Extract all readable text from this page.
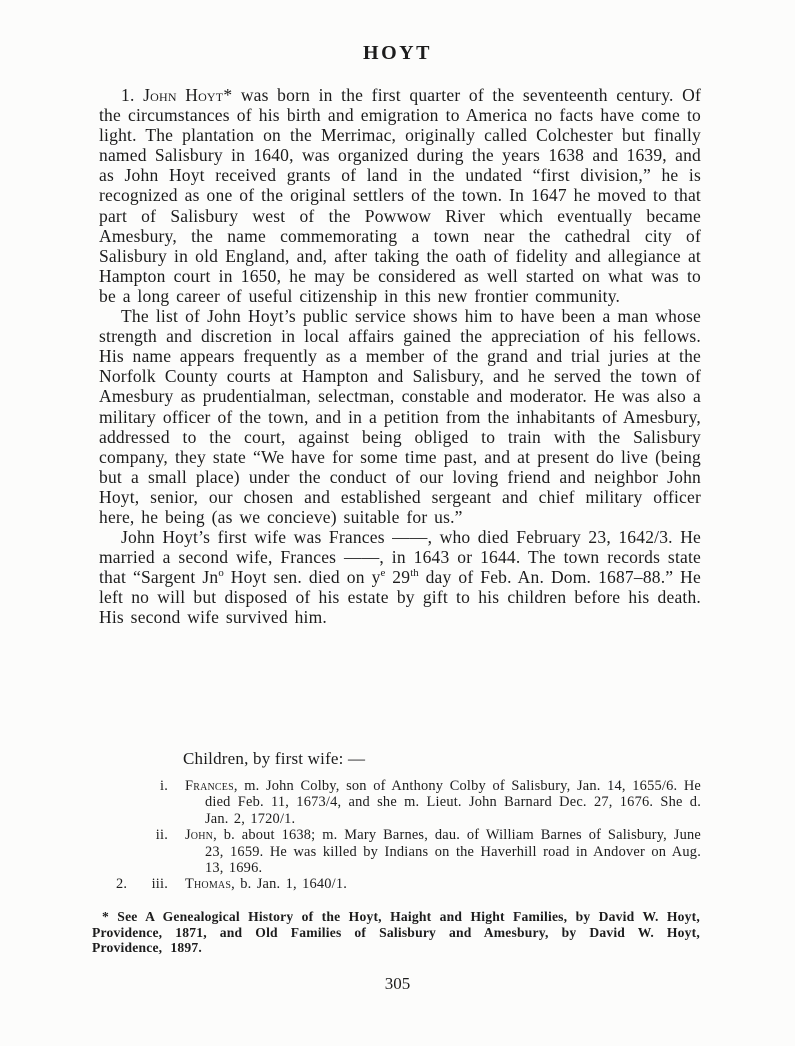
HOYT

1. John Hoyt* was born in the first quarter of the seventeenth century. Of the circumstances of his birth and emigration to America no facts have come to light. The plantation on the Merrimac, originally called Colchester but finally named Salisbury in 1640, was organized during the years 1638 and 1639, and as John Hoyt received grants of land in the undated “first division,” he is recognized as one of the original settlers of the town. In 1647 he moved to that part of Salisbury west of the Powwow River which eventually became Amesbury, the name commemorating a town near the cathedral city of Salisbury in old England, and, after taking the oath of fidelity and allegiance at Hampton court in 1650, he may be considered as well started on what was to be a long career of useful citizenship in this new frontier community.

The list of John Hoyt’s public service shows him to have been a man whose strength and discretion in local affairs gained the appreciation of his fellows. His name appears frequently as a member of the grand and trial juries at the Norfolk County courts at Hampton and Salisbury, and he served the town of Amesbury as prudentialman, selectman, constable and moderator. He was also a military officer of the town, and in a petition from the inhabitants of Amesbury, addressed to the court, against being obliged to train with the Salisbury company, they state “We have for some time past, and at present do live (being but a small place) under the conduct of our loving friend and neighbor John Hoyt, senior, our chosen and established sergeant and chief military officer here, he being (as we concieve) suitable for us.”

John Hoyt’s first wife was Frances ——, who died February 23, 1642/3. He married a second wife, Frances ——, in 1643 or 1644. The town records state that “Sargent Jn$^o$ Hoyt sen. died on $y^e$ 29th day of Feb. An. Dom. 1687–88.” He left no will but disposed of his estate by gift to his children before his death. His second wife survived him.

Children, by first wife: —
i.	Frances, m. John Colby, son of Anthony Colby of Salisbury, Jan. 14, 1655/6. He died Feb. 11, 1673/4, and she m. Lieut. John Barnard Dec. 27, 1676. She d. Jan. 2, 1720/1.
ii.	John, b. about 1638; m. Mary Barnes, dau. of William Barnes of Salisbury, June 23, 1659. He was killed by Indians on the Haverhill road in Andover on Aug. 13, 1696.
2.	iii.	Thomas, b. Jan. 1, 1640/1.
* See A Genealogical History of the Hoyt, Haight and Hight Families, by David W. Hoyt, Providence, 1871, and Old Families of Salisbury and Amesbury, by David W. Hoyt, Providence, 1897.
305
